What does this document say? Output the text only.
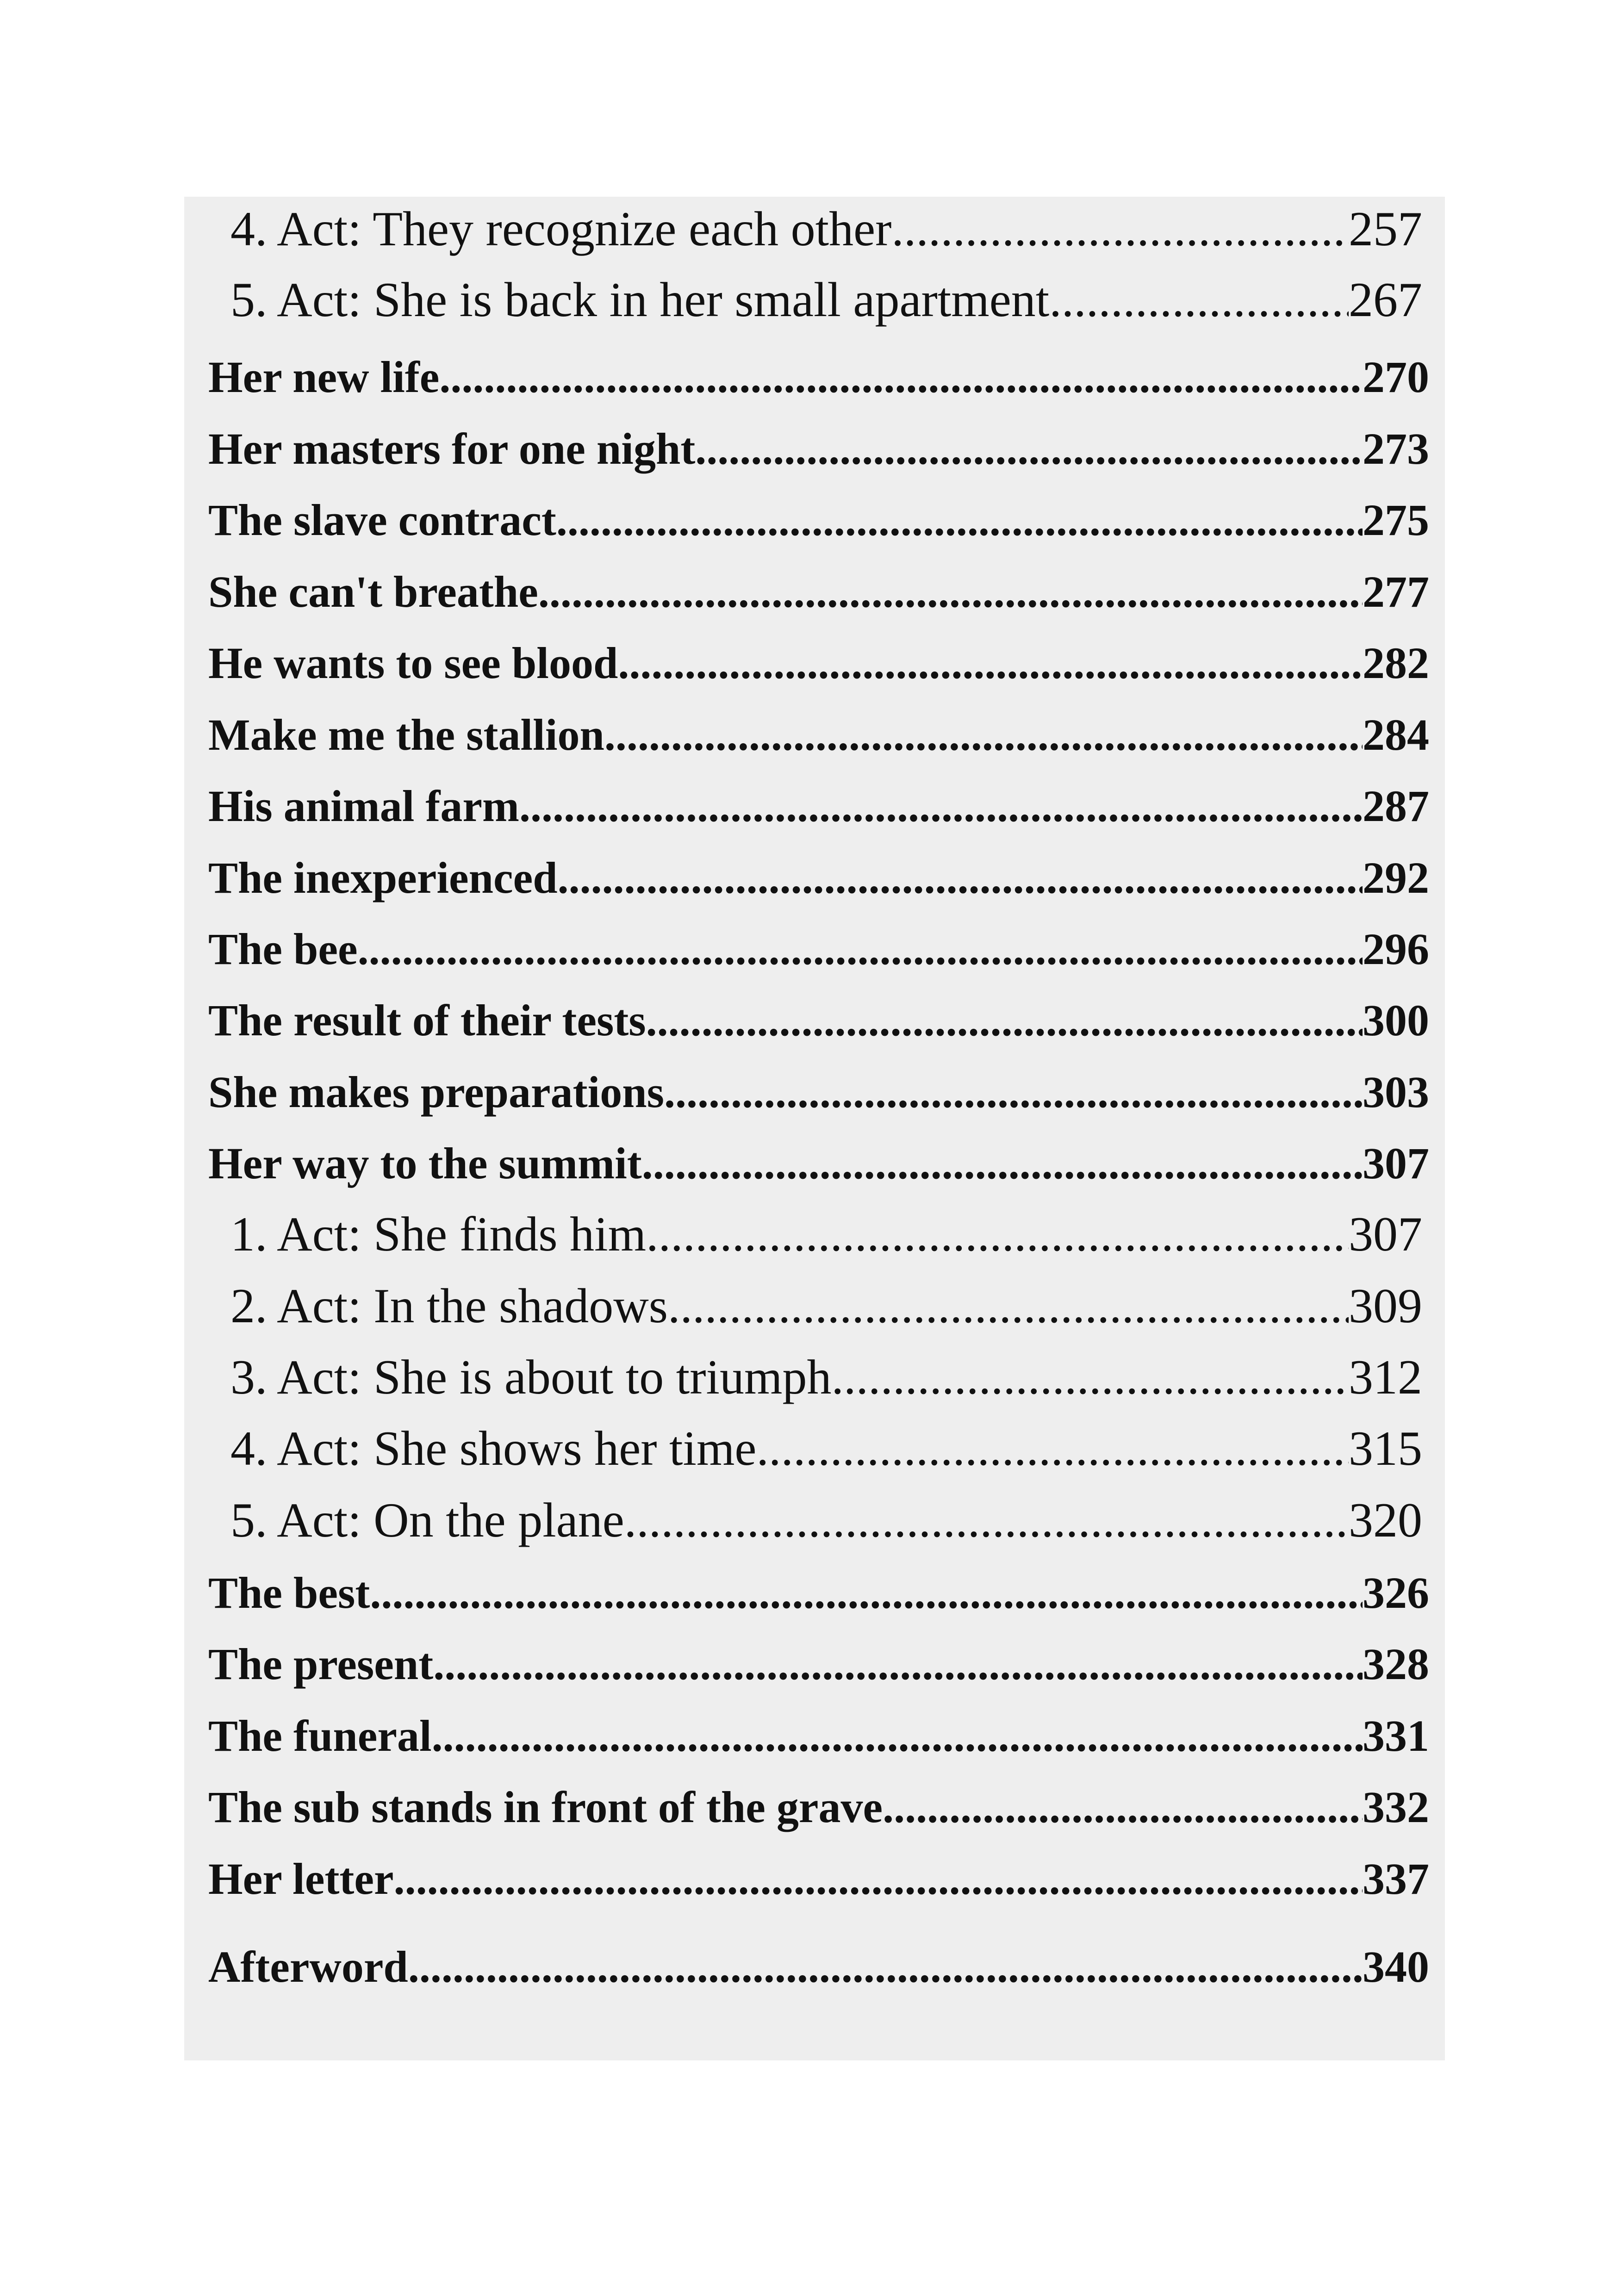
4. Act: They recognize each other .....	257
5. Act: She is back in her small apartment .....	267
Her new life .....	270
Her masters for one night .....	273
The slave contract .....	275
She can't breathe .....	277
He wants to see blood .....	282
Make me the stallion .....	284
His animal farm .....	287
The inexperienced .....	292
The bee .....	296
The result of their tests .....	300
She makes preparations .....	303
Her way to the summit .....	307
1. Act: She finds him .....	307
2. Act: In the shadows .....	309
3. Act: She is about to triumph .....	312
4. Act: She shows her time .....	315
5. Act: On the plane .....	320
The best .....	326
The present .....	328
The funeral .....	331
The sub stands in front of the grave .....	332
Her letter .....	337
Afterword .....	340
